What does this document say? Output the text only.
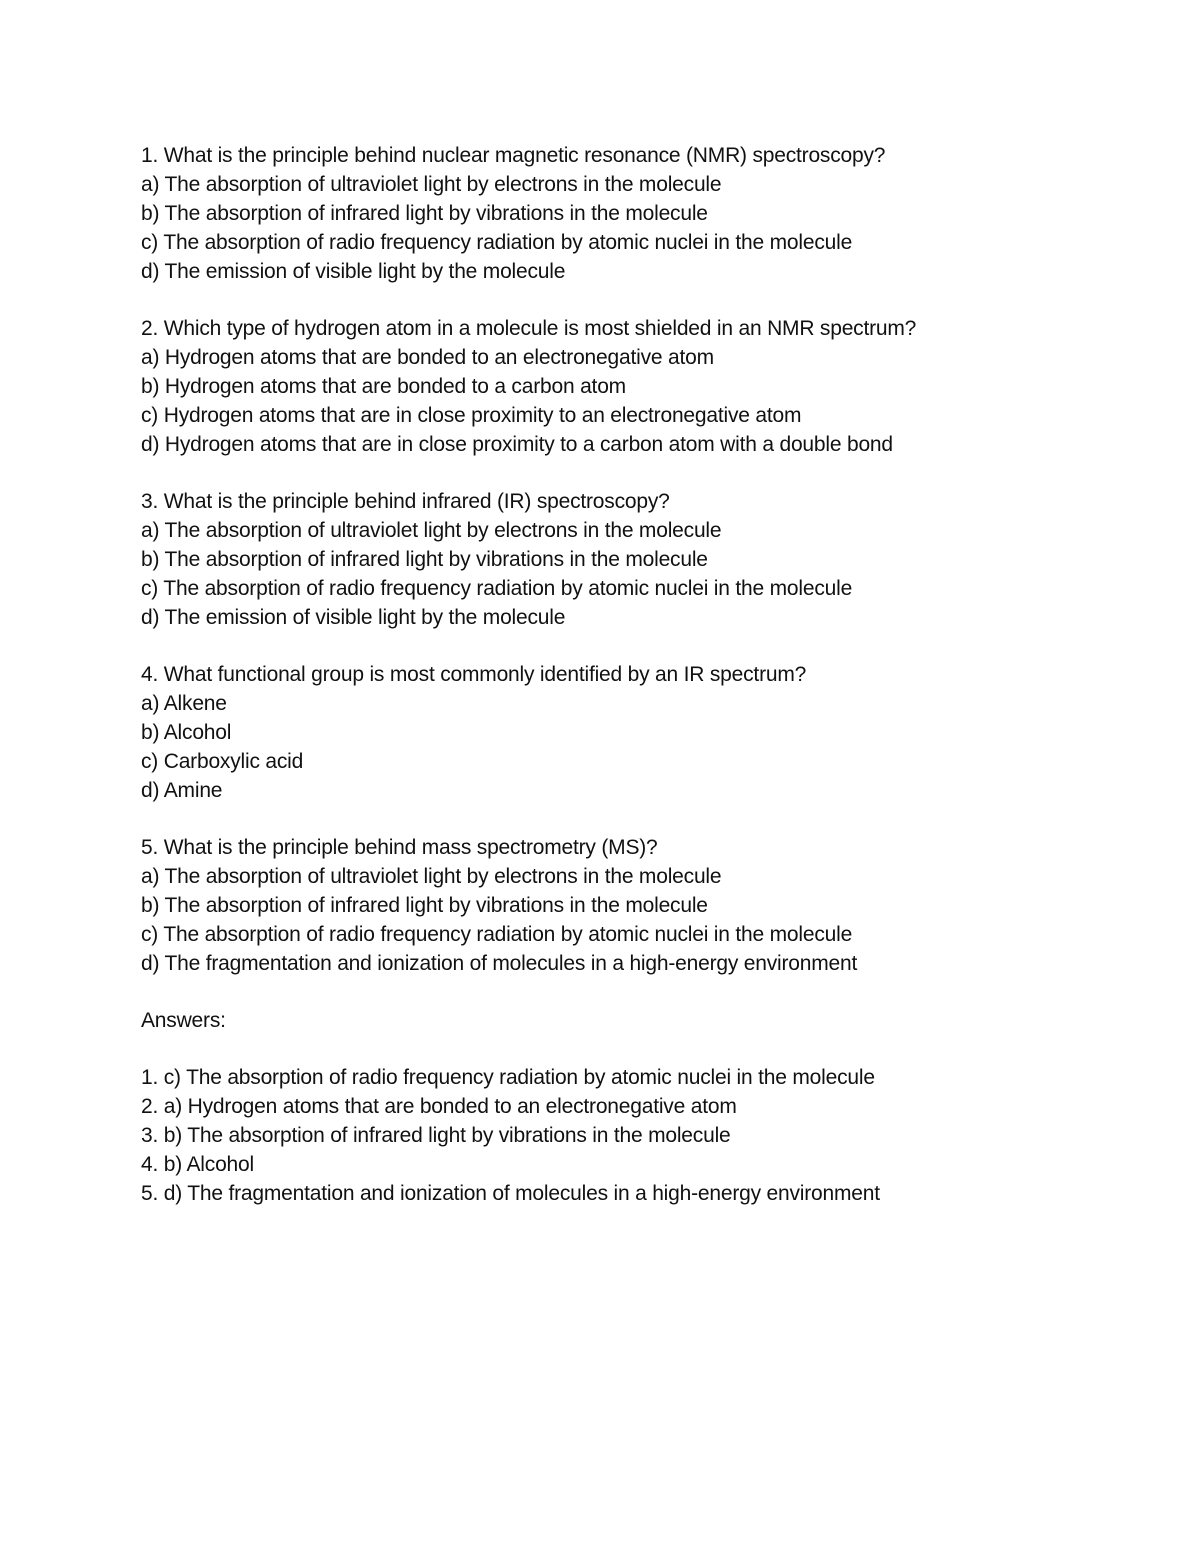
1. What is the principle behind nuclear magnetic resonance (NMR) spectroscopy?
a) The absorption of ultraviolet light by electrons in the molecule
b) The absorption of infrared light by vibrations in the molecule
c) The absorption of radio frequency radiation by atomic nuclei in the molecule
d) The emission of visible light by the molecule
2. Which type of hydrogen atom in a molecule is most shielded in an NMR spectrum?
a) Hydrogen atoms that are bonded to an electronegative atom
b) Hydrogen atoms that are bonded to a carbon atom
c) Hydrogen atoms that are in close proximity to an electronegative atom
d) Hydrogen atoms that are in close proximity to a carbon atom with a double bond
3. What is the principle behind infrared (IR) spectroscopy?
a) The absorption of ultraviolet light by electrons in the molecule
b) The absorption of infrared light by vibrations in the molecule
c) The absorption of radio frequency radiation by atomic nuclei in the molecule
d) The emission of visible light by the molecule
4. What functional group is most commonly identified by an IR spectrum?
a) Alkene
b) Alcohol
c) Carboxylic acid
d) Amine
5. What is the principle behind mass spectrometry (MS)?
a) The absorption of ultraviolet light by electrons in the molecule
b) The absorption of infrared light by vibrations in the molecule
c) The absorption of radio frequency radiation by atomic nuclei in the molecule
d) The fragmentation and ionization of molecules in a high-energy environment
Answers:
1. c) The absorption of radio frequency radiation by atomic nuclei in the molecule
2. a) Hydrogen atoms that are bonded to an electronegative atom
3. b) The absorption of infrared light by vibrations in the molecule
4. b) Alcohol
5. d) The fragmentation and ionization of molecules in a high-energy environment
